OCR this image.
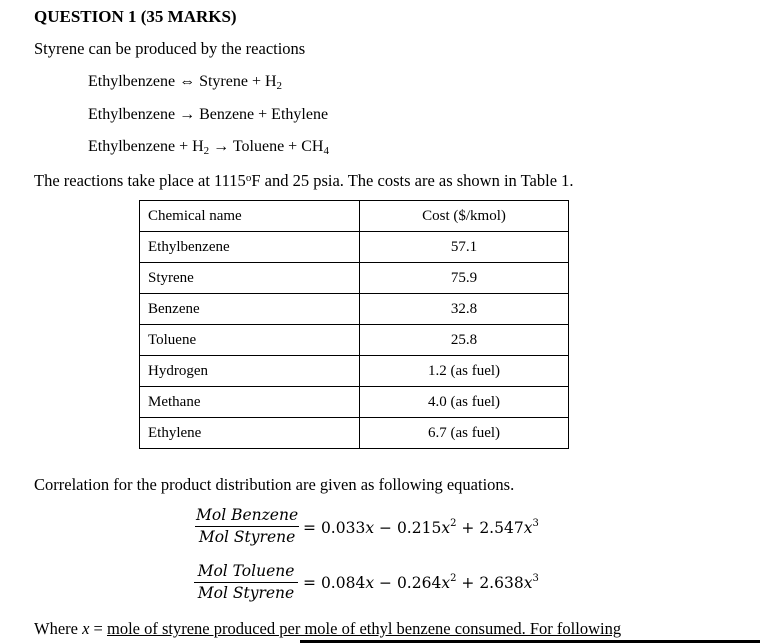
QUESTION 1 (35 MARKS)
Styrene can be produced by the reactions
Ethylbenzene ⇔ Styrene + $H_2$
Ethylbenzene → Benzene + Ethylene
Ethylbenzene + $H_2$ → Toluene + $CH_4$
The reactions take place at 1115$^o$F and 25 psia. The costs are as shown in Table 1.
Chemical name	Cost ($/kmol)
Ethylbenzene	57.1
Styrene	75.9
Benzene	32.8
Toluene	25.8
Hydrogen	1.2 (as fuel)
Methane	4.0 (as fuel)
Ethylene	6.7 (as fuel)
Correlation for the product distribution are given as following equations.
Mol Benzene
Mol Styrene = $0.033x - 0.215x^2 + 2.547x^3$
Mol Toluene
Mol Styrene
= $0.084x - 0.264x^2 + 2.638x^3$
Where x = mole of styrene produced per mole of ethyl benzene consumed. For following
